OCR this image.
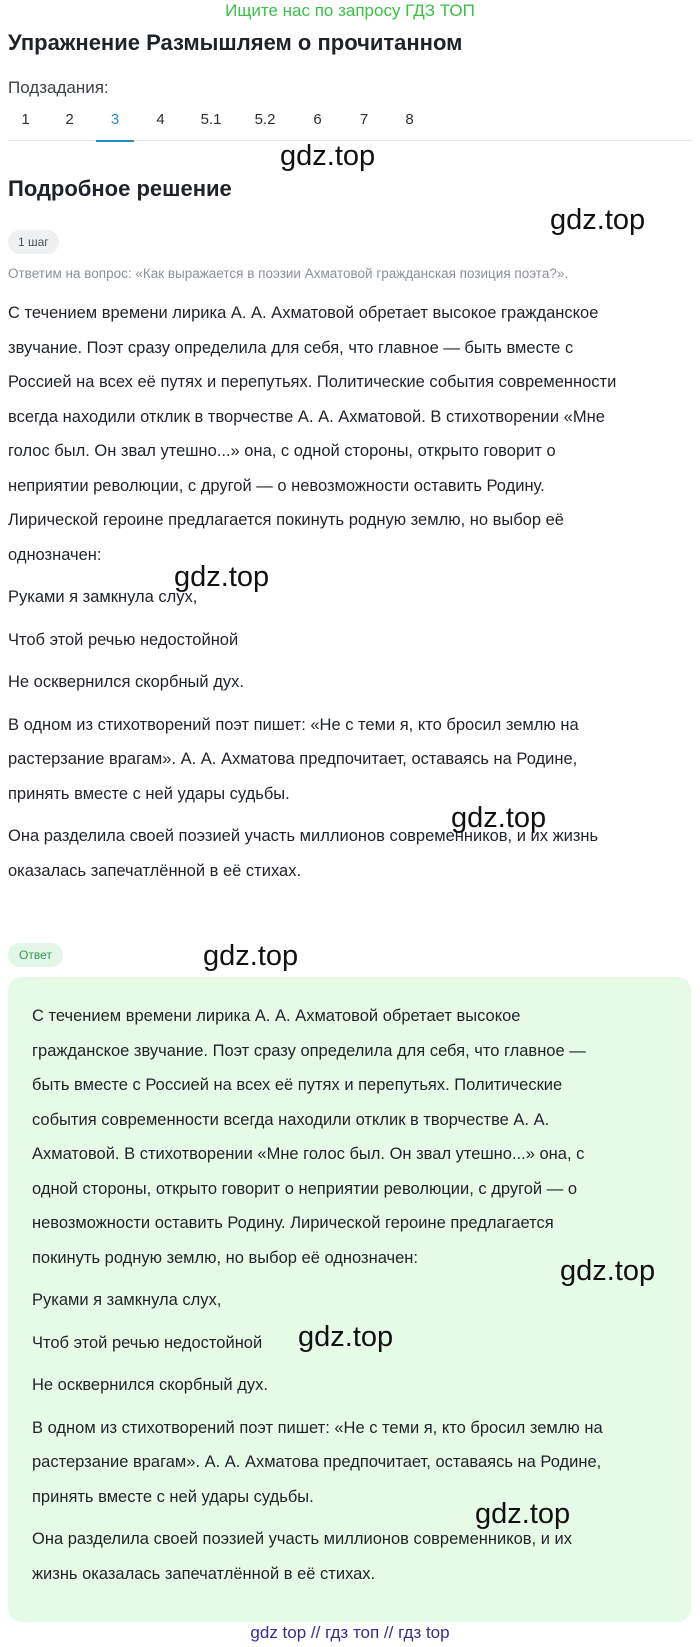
Ищите нас по запросу ГДЗ ТОП
Упражнение Размышляем о прочитанном
Подзадания:
1	2	3	4	5.1	5.2	6	7	8
gdz.top
Подробное решение
gdz.top
1 шаг
Ответим на вопрос: «Как выражается в поэзии Ахматовой гражданская позиция поэта?».

С течением времени лирика А. А. Ахматовой обретает высокое гражданское
звучание. Поэт сразу определила для себя, что главное — быть вместе с
Россией на всех её путях и перепутьях. Политические события современности
всегда находили отклик в творчестве А. А. Ахматовой. В стихотворении «Мне
голос был. Он звал утешно...» она, с одной стороны, открыто говорит о
неприятии революции, с другой — о невозможности оставить Родину.
Лирической героине предлагается покинуть родную землю, но выбор её
однозначен:

Руками я замкнула слух,

Чтоб этой речью недостойной

Не осквернился скорбный дух.

В одном из стихотворений поэт пишет: «Не с теми я, кто бросил землю на
растерзание врагам». А. А. Ахматова предпочитает, оставаясь на Родине,
принять вместе с ней удары судьбы.

Она разделила своей поэзией участь миллионов современников, и их жизнь
оказалась запечатлённой в её стихах.

gdz.top
gdz.top
Ответ	gdz.top

С течением времени лирика А. А. Ахматовой обретает высокое
гражданское звучание. Поэт сразу определила для себя, что главное —
быть вместе с Россией на всех её путях и перепутьях. Политические
события современности всегда находили отклик в творчестве А. А.
Ахматовой. В стихотворении «Мне голос был. Он звал утешно...» она, с
одной стороны, открыто говорит о неприятии революции, с другой — о
невозможности оставить Родину. Лирической героине предлагается
покинуть родную землю, но выбор её однозначен:

Руками я замкнула слух,

Чтоб этой речью недостойной

Не осквернился скорбный дух.

В одном из стихотворений поэт пишет: «Не с теми я, кто бросил землю на
растерзание врагам». А. А. Ахматова предпочитает, оставаясь на Родине,
принять вместе с ней удары судьбы.

Она разделила своей поэзией участь миллионов современников, и их
жизнь оказалась запечатлённой в её стихах.

gdz.top
gdz.top
gdz.top
gdz top // гдз топ // гдз top
